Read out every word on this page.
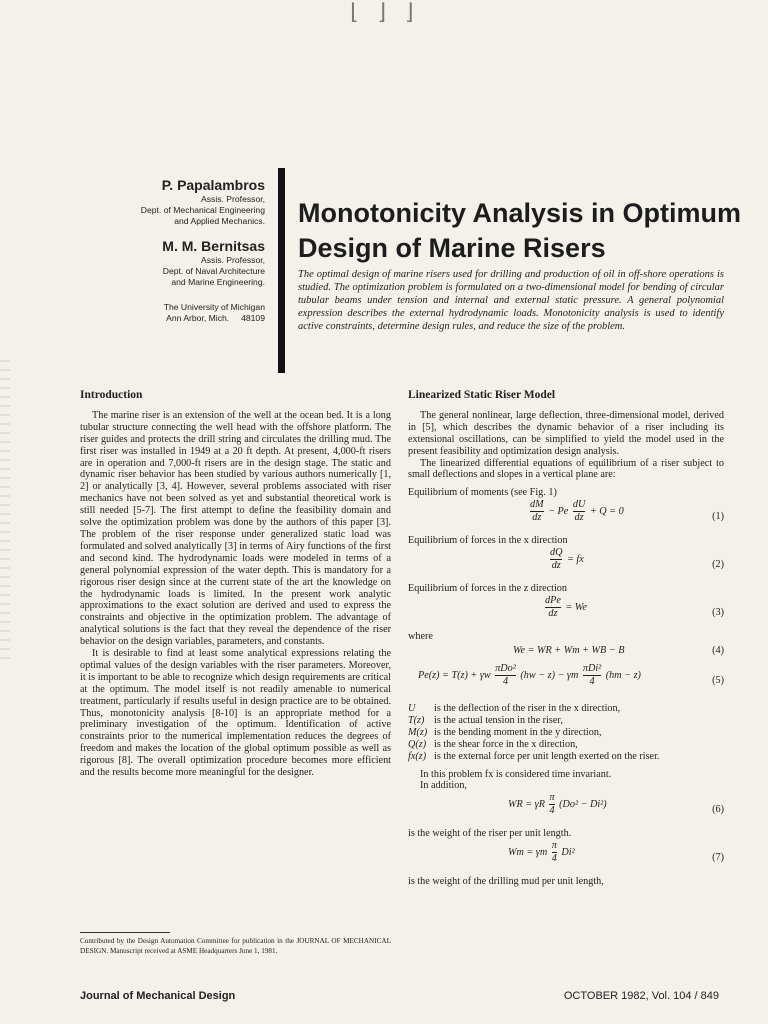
⌊ ⌋ ⌋
P. Papalambros
Assis. Professor,
Dept. of Mechanical Engineering
and Applied Mechanics.
M. M. Bernitsas
Assis. Professor,
Dept. of Naval Architecture
and Marine Engineering.
The University of Michigan
Ann Arbor, Mich.     48109
Monotonicity Analysis in Optimum
Design of Marine Risers
The optimal design of marine risers used for drilling and production of oil in off-shore operations is studied. The optimization problem is formulated on a two-dimensional model for bending of circular tubular beams under tension and internal and external static pressure. A general polynomial expression describes the external hydrodynamic loads. Monotonicity analysis is used to identify active constraints, determine design rules, and reduce the size of the problem.
Introduction

The marine riser is an extension of the well at the ocean bed. It is a long tubular structure connecting the well head with the offshore platform. The riser guides and protects the drill string and circulates the drilling mud. The first riser was installed in 1949 at a 20 ft depth. At present, 4,000-ft risers are in operation and 7,000-ft risers are in the design stage. The static and dynamic riser behavior has been studied by various authors numerically [1, 2] or analytically [3, 4]. However, several problems associated with riser mechanics have not been solved as yet and substantial theoretical work is still needed [5-7]. The first attempt to define the feasibility domain and solve the optimization problem was done by the authors of this paper [3]. The problem of the riser response under generalized static load was formulated and solved analytically [3] in terms of Airy functions of the first and second kind. The hydrodynamic loads were modeled in terms of a general polynomial expression of the water depth. This is mandatory for a rigorous riser design since at the current state of the art the knowledge on the hydrodynamic loads is limited. In the present work analytic approximations to the exact solution are derived and used to express the constraints and objective in the optimization problem. The advantage of analytical solutions is the fact that they reveal the dependence of the riser behavior on the design variables, parameters, and constants.

It is desirable to find at least some analytical expressions relating the optimal values of the design variables with the riser parameters. Moreover, it is important to be able to recognize which design requirements are critical at the optimum. The model itself is not readily amenable to numerical treatment, particularly if results useful in design practice are to be obtained. Thus, monotonicity analysis [8-10] is an appropriate method for a preliminary investigation of the optimum. Identification of active constraints prior to the numerical implementation reduces the degrees of freedom and makes the location of the global optimum possible as well as rigorous [8]. The overall optimization procedure becomes more efficient and the results become more meaningful for the designer.

Contributed by the Design Automation Committee for publication in the JOURNAL OF MECHANICAL DESIGN. Manuscript received at ASME Headquarters June 1, 1981.
Linearized Static Riser Model

The general nonlinear, large deflection, three-dimensional model, derived in [5], which describes the dynamic behavior of a riser including its extensional oscillations, can be simplified to yield the model used in the present feasibility and optimization design analysis.

The linearized differential equations of equilibrium of a riser subject to small deflections and slopes in a vertical plane are:

Equilibrium of moments (see Fig. 1)
$\frac{dM}{dz} - Pe \frac{dU}{dz} + Q = 0$	(1)
Equilibrium of forces in the x direction
$\frac{dQ}{dz}$ = fx	(2)
Equilibrium of forces in the z direction
$\frac{\text{dPe}}{dz} = We$	(3)
where
We = WR + Wm + WB − B	(4)
Pe(z) = T(z) + γw $\frac{\text{πDo²}}{4} (hw - z) - \gamma m \frac{\text{πDi²}}{4} (hm - z)$	(5)
U	is the deflection of the riser in the x direction,
T(z) is the actual tension in the riser,
M(z) is the bending moment in the y direction,
Q(z) is the shear force in the x direction,
fx(z) is the external force per unit length exerted on the riser.
In this problem fx is considered time invariant.
In addition,
WR = γR $\frac{\pi}{4} (Do^2 - Di^2)$	(6)
is the weight of the riser per unit length.
Wm = γm $\frac{\pi}{4} Di^2$	(7)
is the weight of the drilling mud per unit length,
Journal of Mechanical Design	OCTOBER 1982, Vol. 104 / 849
